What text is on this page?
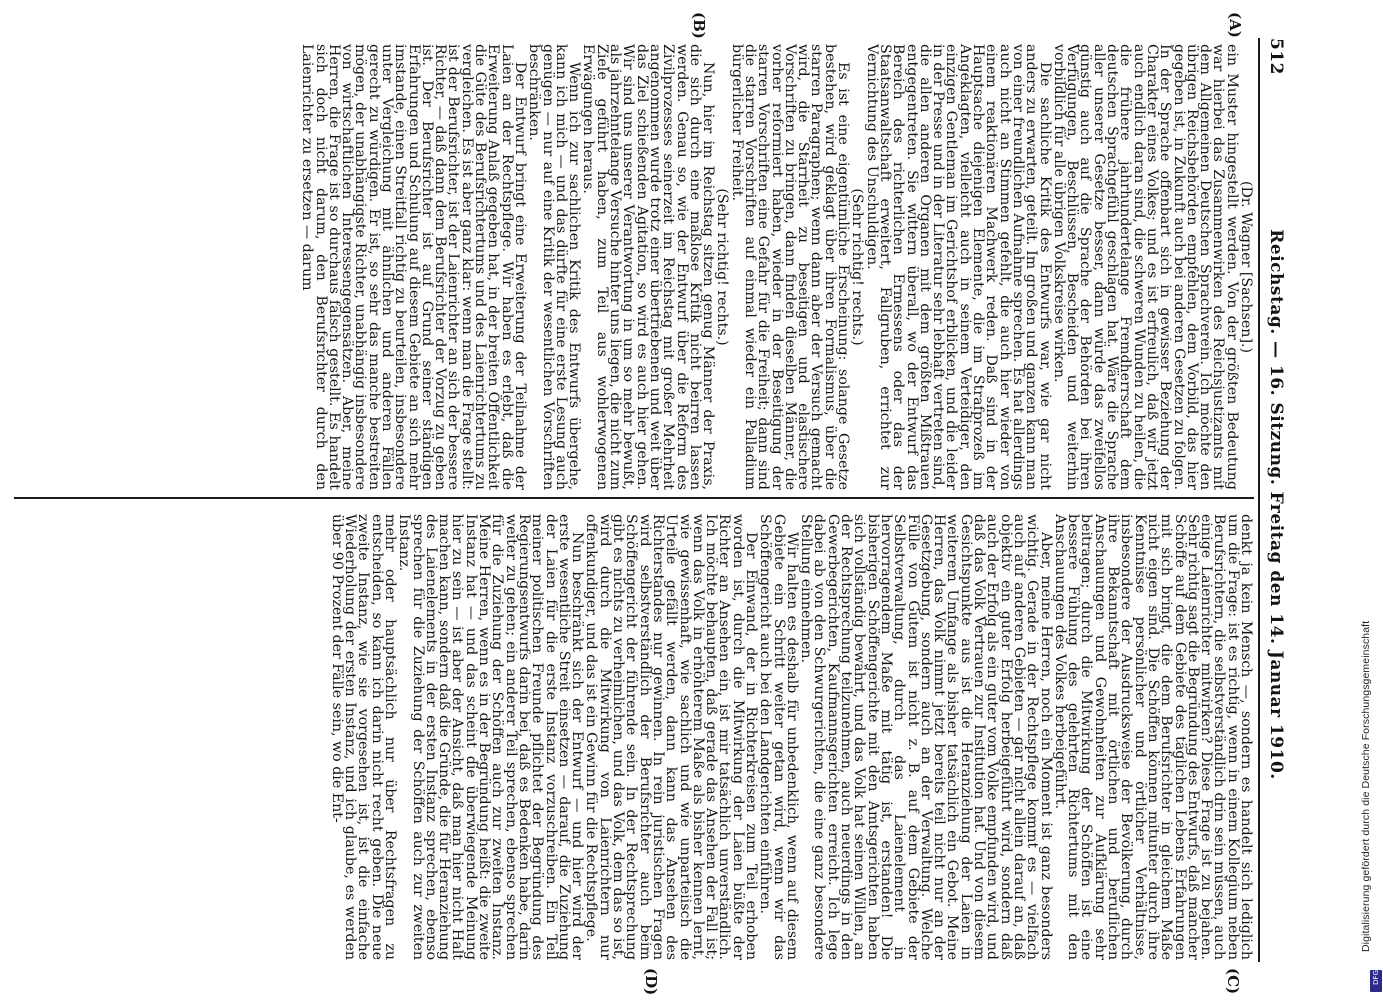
512
Reichstag. — 16. Sitzung. Freitag den 14. Januar 1910.
(A)
(B)
(C)
(D)

(Dr. Wagner [Sachsen].)

ein Muster hingestellt werden. Von der größten Bedeutung war hierbei das Zusammenwirken des Reichsjustizamts mit dem Allgemeinen Deutschen Sprachverein. Ich möchte den übrigen Reichsbehörden empfehlen, dem Vorbild, das hier gegeben ist, in Zukunft auch bei anderen Gesetzen zu folgen. In der Sprache offenbart sich in gewisser Beziehung der Charakter eines Volkes; und es ist erfreulich, daß wir jetzt auch endlich daran sind, die schweren Wunden zu heilen, die die frühere jahrhundertelange Fremdherrschaft dem deutschen Sprachgefühl geschlagen hat. Wäre die Sprache aller unserer Gesetze besser, dann würde das zweifellos günstig auch auf die Sprache der Behörden bei ihren Verfügungen, Beschlüssen, Bescheiden und weiterhin vorbildlich für alle übrigen Volkskreise wirken.

Die sachliche Kritik des Entwurfs war, wie gar nicht anders zu erwarten, geteilt. Im großen und ganzen kann man von einer freundlichen Aufnahme sprechen. Es hat allerdings auch nicht an Stimmen gefehlt, die auch hier wieder von einem reaktionären Machwerk reden. Daß sind in der Hauptsache diejenigen Elemente, die im Strafprozeß im Angeklagten, vielleicht auch in seinem Verteidiger, den einzigen Gentleman im Gerichtshof erblicken, und die leider in der Presse und in der Literatur sehr lebhaft vertreten sind, die allen anderen Organen mit dem größten Mißtrauen entgegentreten. Sie wittern überall, wo der Entwurf das Bereich des richterlichen Ermessens oder das der Staatsanwaltschaft erweitert, Fallgruben, errichtet zur Vernichtung des Unschuldigen.

(Sehr richtig! rechts.)

Es ist eine eigentümliche Erscheinung: solange Gesetze bestehen, wird geklagt über ihren Formalismus, über die starren Paragraphen; wenn dann aber der Versuch gemacht wird, die Starrheit zu beseitigen und elastischere Vorschriften zu bringen, dann finden dieselben Männer, die vorher reformiert haben, wieder in der Beseitigung der starren Vorschriften eine Gefahr für die Freiheit; dann sind die starren Vorschriften auf einmal wieder ein Palladium bürgerlicher Freiheit.

(Sehr richtig! rechts.)

Nun, hier im Reichstag sitzen genug Männer der Praxis, die sich durch eine maßlose Kritik nicht beirren lassen werden. Genau so, wie der Entwurf über die Reform des Zivilprozesses seinerzeit im Reichstag mit großer Mehrheit angenommen wurde trotz einer übertriebenen und weit über das Ziel schießenden Agitation, so wird es auch hier gehen. Wir sind uns unserer Verantwortung in um so mehr bewußt, als jahrzehntelange Versuche hinter uns liegen, die nicht zum Ziele geführt haben, zum Teil aus wohlerwogenen Erwägungen heraus.

Wenn ich zur sachlichen Kritik des Entwurfs übergehe, kann ich mich — und das dürfte für eine erste Lesung auch genügen — nur auf eine Kritik der wesentlichen Vorschriften beschränken.

Der Entwurf bringt eine Erweiterung der Teilnahme der Laien an der Rechtspflege. Wir haben es erlebt, daß die Erweiterung Anlaß gegeben hat, in der breiten Öffentlichkeit die Güte des Berufsrichtertums und des Laienrichtertums zu vergleichen. Es ist aber ganz klar: wenn man die Frage stellt: ist der Berufsrichter, ist der Laienrichter an sich der bessere Richter, — daß dann dem Berufsrichter der Vorzug zu geben ist. Der Berufsrichter ist auf Grund seiner ständigen Erfahrungen und Schulung auf diesem Gebiete an sich mehr imstande, einen Streitfall richtig zu beurteilen, insbesondere unter Vergleichung mit ähnlichen und anderen Fällen gerecht zu würdigen. Er ist, so sehr das manche bestreiten mögen, der unabhängigste Richter, unabhängig insbesondere von wirtschaftlichen Interessengegensätzen. Aber, meine Herren, die Frage ist so durchaus falsch gestellt. Es handelt sich doch nicht darum, den Berufsrichter durch den Laienrichter zu ersetzen — darum

denkt ja kein Mensch —, sondern es handelt sich lediglich um die Frage: ist es richtig, wenn in einem Kollegium neben Berufsrichtern, die selbstverständlich drin sein müssen, auch einige Laienrichter mitwirken? Diese Frage ist zu bejahen. Sehr richtig sagt die Begründung des Entwurfs, daß mancher Schöffe auf dem Gebiete des täglichen Lebens Erfahrungen mit sich bringt, die dem Berufsrichter in gleichem Maße nicht eigen sind. Die Schöffen können mitunter durch ihre Kenntnisse persönlicher und örtlicher Verhältnisse, insbesondere der Ausdrucksweise der Bevölkerung, durch ihre Bekanntschaft mit örtlichen und beruflichen Anschauungen und Gewohnheiten zur Aufklärung sehr beitragen; durch die Mitwirkung der Schöffen ist eine bessere Fühlung des gelehrten Richtertums mit den Anschauungen des Volkes herbeigeführt.

Aber, meine Herren, noch ein Moment ist ganz besonders wichtig. Gerade in der Rechtspflege kommt es — vielfach auch auf anderen Gebieten — gar nicht allein darauf an, daß objektiv ein guter Erfolg herbeigeführt wird, sondern daß auch der Erfolg als ein guter vom Volke empfunden wird, und daß das Volk Vertrauen zur Institution hat. Und von diesem Gesichtspunkte aus ist die Heranziehung der Laien in weiterem Umfange als bisher tatsächlich ein Gebot. Meine Herren, das Volk nimmt jetzt bereits teil nicht nur an der Gesetzgebung, sondern auch an der Verwaltung. Welche Fülle von Gutem ist nicht z. B. auf dem Gebiete der Selbstverwaltung, durch das Laienelement in hervorragendem Maße mit tätig ist, erstanden! Die bisherigen Schöffengerichte mit den Amtsgerichten haben sich vollständig bewährt, und das Volk hat seinen Willen, an der Rechtsprechung teilzunehmen, auch neuerdings in den Gewerbegerichten, Kaufmannsgerichten erreicht. Ich lege dabei ab von den Schwurgerichten, die eine ganz besondere Stellung einnehmen.

Wir halten es deshalb für unbedenklich, wenn auf diesem Gebiete ein Schritt weiter getan wird, wenn wir das Schöffengericht auch bei den Landgerichten einführen.

Der Einwand, der in Richterkreisen zum Teil erhoben worden ist, durch die Mitwirkung der Laien büßte der Richter an Ansehen ein, ist mir tatsächlich unverständlich. Ich möchte behaupten, daß gerade das Ansehen der Fall ist; wenn das Volk in erhöhterem Maße als bisher kennen lernt, wie gewissenhaft, wie sachlich und wie unparteiisch die Urteile gefällt werden, dann kann das Ansehen des Richterstandes nur gewinnen. In rein juristischen Fragen wird selbstverständlich der Berufsrichter auch beim Schöffengericht der führende sein. In der Rechtsprechung gibt es nichts zu verheimlichen, und das Volk, dem das so ist, wird durch die Mitwirkung von Laienrichtern nur offenkundiger, und das ist ein Gewinn für die Rechtspflege.

Nun beschränkt sich der Entwurf — und hier wird der erste wesentliche Streit einsetzen — darauf, die Zuziehung der Laien für die erste Instanz vorzuschreiben. Ein Teil meiner politischen Freunde pflichtet der Begründung des Regierungsentwurfs darin bei, daß es Bedenken habe, darin weiter zu gehen; ein anderer Teil sprechen, ebenso sprechen für die Zuziehung der Schöffen auch zur zweiten Instanz. Meine Herren, wenn es in der Begründung heißt: die zweite Instanz hat — und das scheint die überwiegende Meinung hier zu sein — ist aber der Ansicht, daß man hier nicht Halt machen kann, sondern daß die Gründe, die für Heranziehung des Laienelements in der ersten Instanz sprechen, ebenso sprechen für die Zuziehung der Schöffen auch zur zweiten Instanz.

mehr oder hauptsächlich nur über Rechtsfragen zu entscheiden, so kann ich darin nicht recht geben. Die neue zweite Instanz, wie sie vorgesehen ist, ist die einfache Wiederholung der ersten Instanz, und ich glaube, es werden über 90 Prozent der Fälle sein, wo die Ent-	Digitalisierung gefördert durch die Deutsche Forschungsgemeinschaft
DFG
